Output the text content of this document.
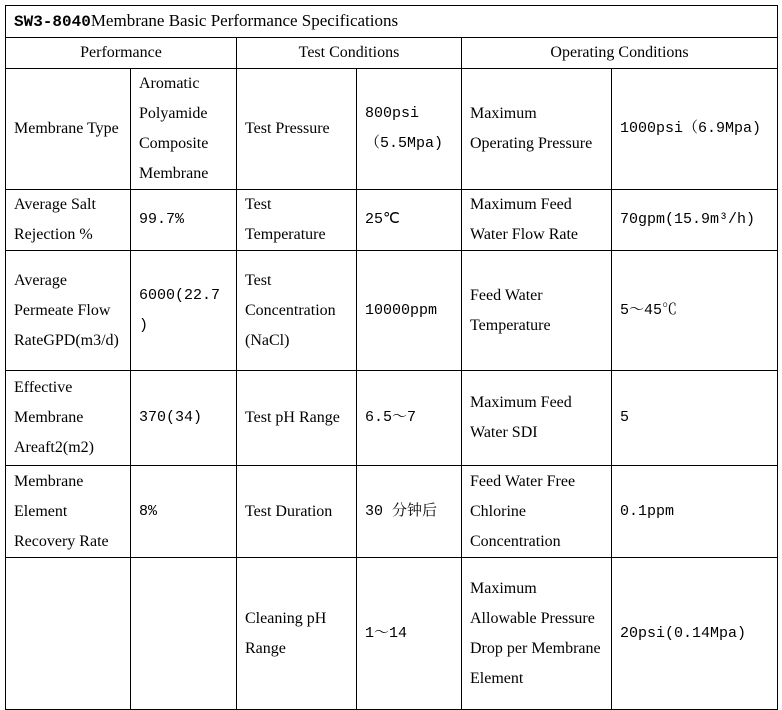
SW3-8040Membrane Basic Performance Specifications					
Performance		Test Conditions		Operating Conditions	
Membrane Type	Aromatic Polyamide Composite Membrane	Test Pressure	800psi（5.5Mpa)	Maximum Operating Pressure	1000psi（6.9Mpa)
Average Salt Rejection %	99.7%	Test Temperature	25℃	Maximum Feed Water Flow Rate	70gpm(15.9m³/h)
Average Permeate Flow RateGPD(m3/d)	6000(22.7)	Test Concentration (NaCl)	10000ppm	Feed Water Temperature	5～45℃
Effective Membrane Areaft2(m2)	370(34)	Test pH Range	6.5～7	Maximum Feed Water SDI	5
Membrane Element Recovery Rate	8%	Test Duration	30 分钟后	Feed Water Free Chlorine Concentration	0.1ppm
		Cleaning pH Range	1～14	Maximum Allowable Pressure Drop per Membrane Element	20psi(0.14Mpa)
